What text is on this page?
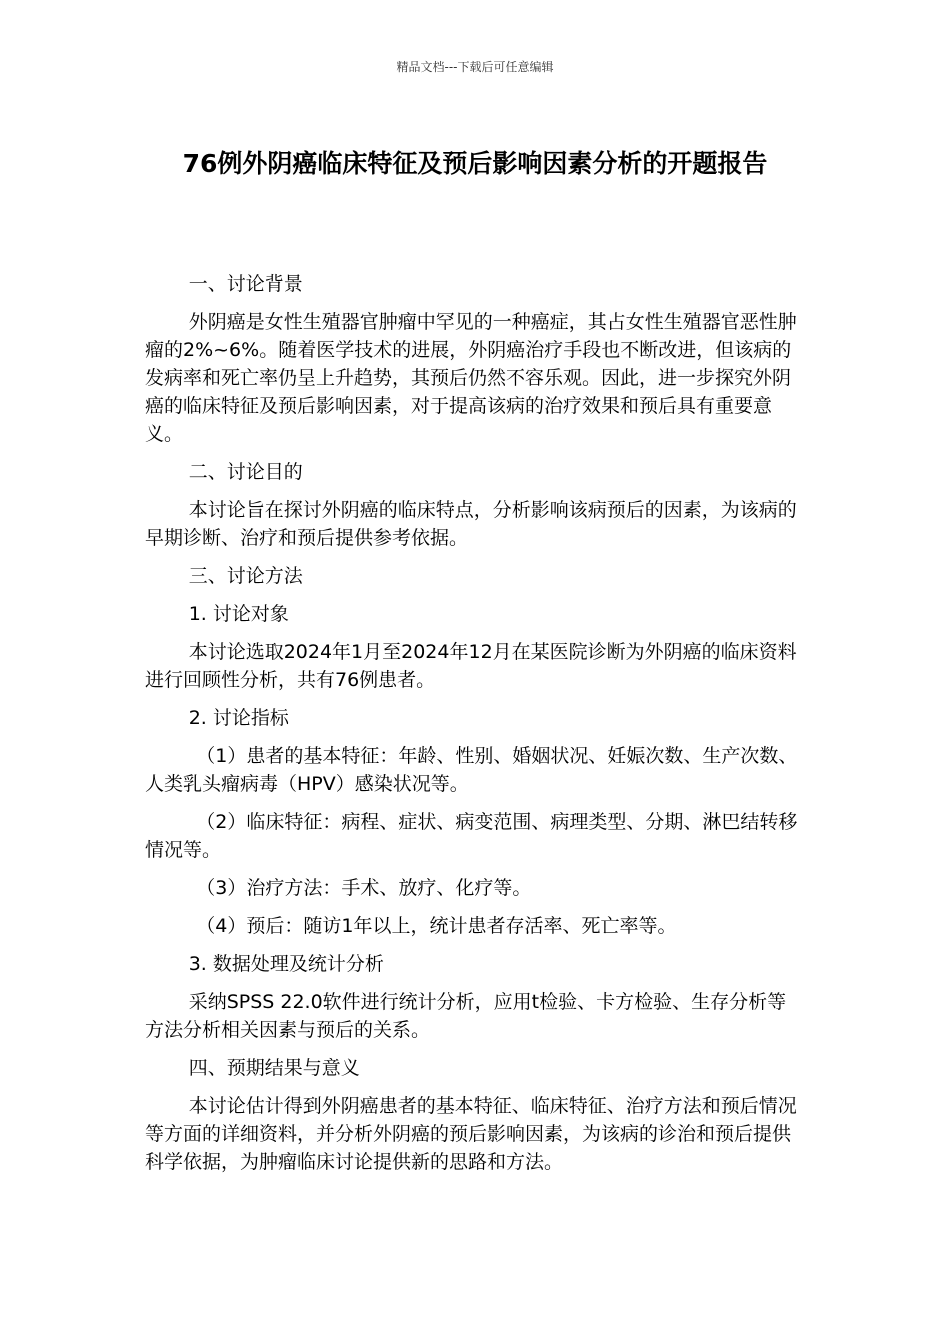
精品文档---下载后可任意编辑
76例外阴癌临床特征及预后影响因素分析的开题报告

一、讨论背景

外阴癌是女性生殖器官肿瘤中罕见的一种癌症，其占女性生殖器官恶性肿瘤的2%~6%。随着医学技术的进展，外阴癌治疗手段也不断改进，但该病的发病率和死亡率仍呈上升趋势，其预后仍然不容乐观。因此，进一步探究外阴癌的临床特征及预后影响因素，对于提高该病的治疗效果和预后具有重要意义。

二、讨论目的

本讨论旨在探讨外阴癌的临床特点，分析影响该病预后的因素，为该病的早期诊断、治疗和预后提供参考依据。

三、讨论方法

1. 讨论对象

本讨论选取2024年1月至2024年12月在某医院诊断为外阴癌的临床资料进行回顾性分析，共有76例患者。

2. 讨论指标

（1）患者的基本特征：年龄、性别、婚姻状况、妊娠次数、生产次数、人类乳头瘤病毒（HPV）感染状况等。

（2）临床特征：病程、症状、病变范围、病理类型、分期、淋巴结转移情况等。

（3）治疗方法：手术、放疗、化疗等。

（4）预后：随访1年以上，统计患者存活率、死亡率等。

3. 数据处理及统计分析

采纳SPSS 22.0软件进行统计分析，应用t检验、卡方检验、生存分析等方法分析相关因素与预后的关系。

四、预期结果与意义

本讨论估计得到外阴癌患者的基本特征、临床特征、治疗方法和预后情况等方面的详细资料，并分析外阴癌的预后影响因素，为该病的诊治和预后提供科学依据，为肿瘤临床讨论提供新的思路和方法。
